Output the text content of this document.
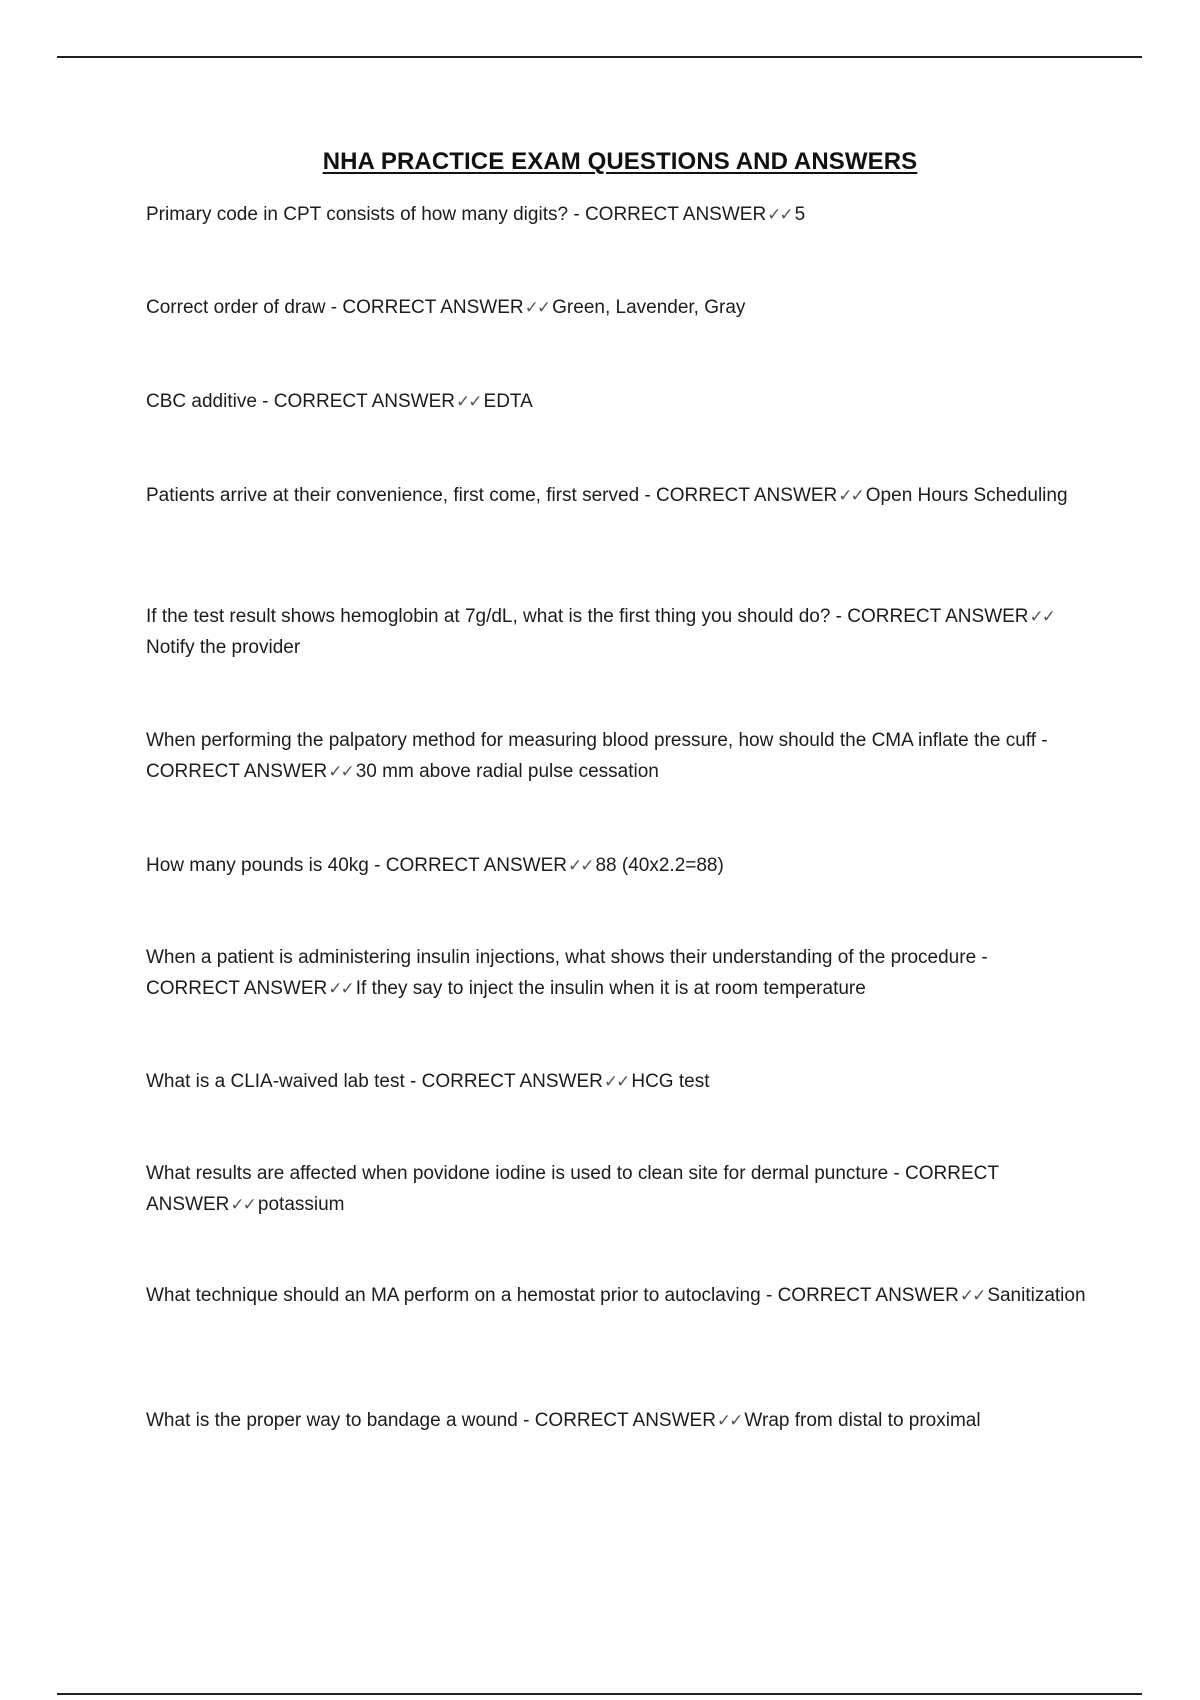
NHA PRACTICE EXAM QUESTIONS AND ANSWERS
Primary code in CPT consists of how many digits? - CORRECT ANSWER✓✓ 5
Correct order of draw - CORRECT ANSWER✓✓ Green, Lavender, Gray
CBC additive - CORRECT ANSWER✓✓ EDTA
Patients arrive at their convenience, first come, first served - CORRECT ANSWER✓✓ Open Hours Scheduling
If the test result shows hemoglobin at 7g/dL, what is the first thing you should do? - CORRECT ANSWER✓✓Notify the provider
When performing the palpatory method for measuring blood pressure, how should the CMA inflate the cuff - CORRECT ANSWER✓✓ 30 mm above radial pulse cessation
How many pounds is 40kg - CORRECT ANSWER✓✓ 88 (40x2.2=88)
When a patient is administering insulin injections, what shows their understanding of the procedure - CORRECT ANSWER✓✓ If they say to inject the insulin when it is at room temperature
What is a CLIA-waived lab test - CORRECT ANSWER✓✓ HCG test
What results are affected when povidone iodine is used to clean site for dermal puncture - CORRECT ANSWER✓✓ potassium
What technique should an MA perform on a hemostat prior to autoclaving - CORRECT ANSWER✓✓ Sanitization
What is the proper way to bandage a wound - CORRECT ANSWER✓✓ Wrap from distal to proximal
